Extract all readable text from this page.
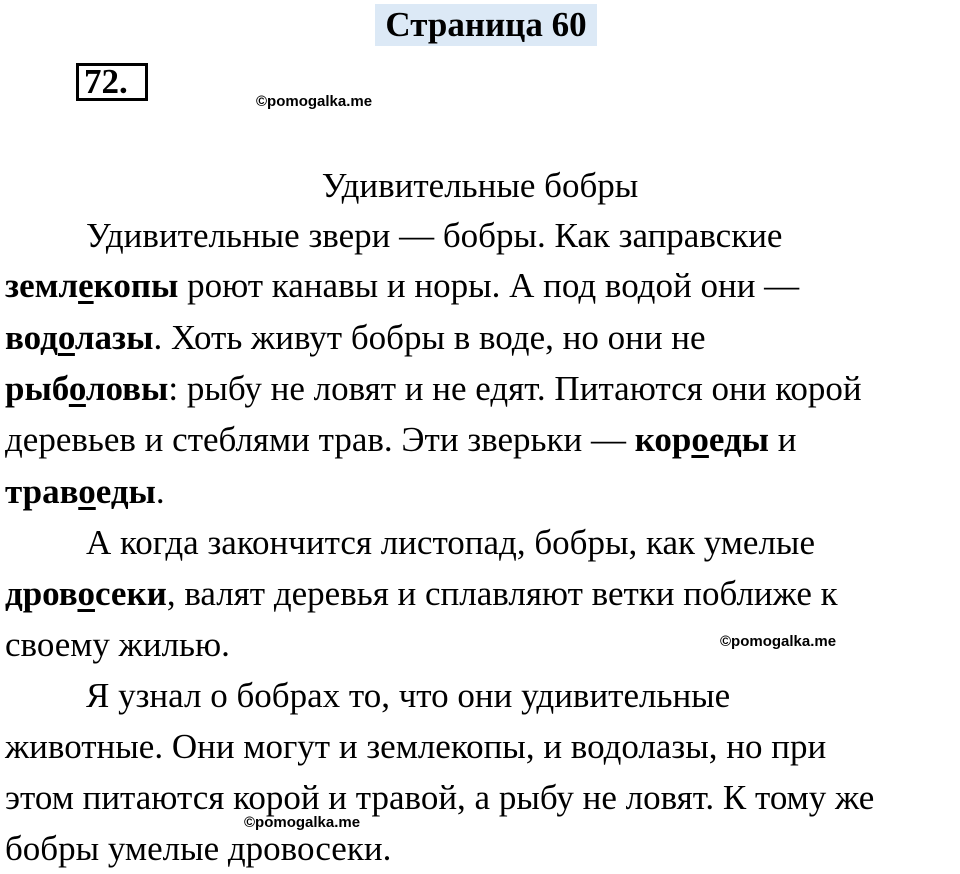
Страница 60
72.
©pomogalka.me
©pomogalka.me
©pomogalka.me
Удивительные бобры
Удивительные звери — бобры. Как заправские
землекопы роют канавы и норы. А под водой они —
водолазы. Хоть живут бобры в воде, но они не
рыболовы: рыбу не ловят и не едят. Питаются они корой
деревьев и стеблями трав. Эти зверьки — короеды и
травоеды.
А когда закончится листопад, бобры, как умелые
дровосеки, валят деревья и сплавляют ветки поближе к
своему жилью.
Я узнал о бобрах то, что они удивительные
животные. Они могут и землекопы, и водолазы, но при
этом питаются корой и травой, а рыбу не ловят. К тому же
бобры умелые дровосеки.
